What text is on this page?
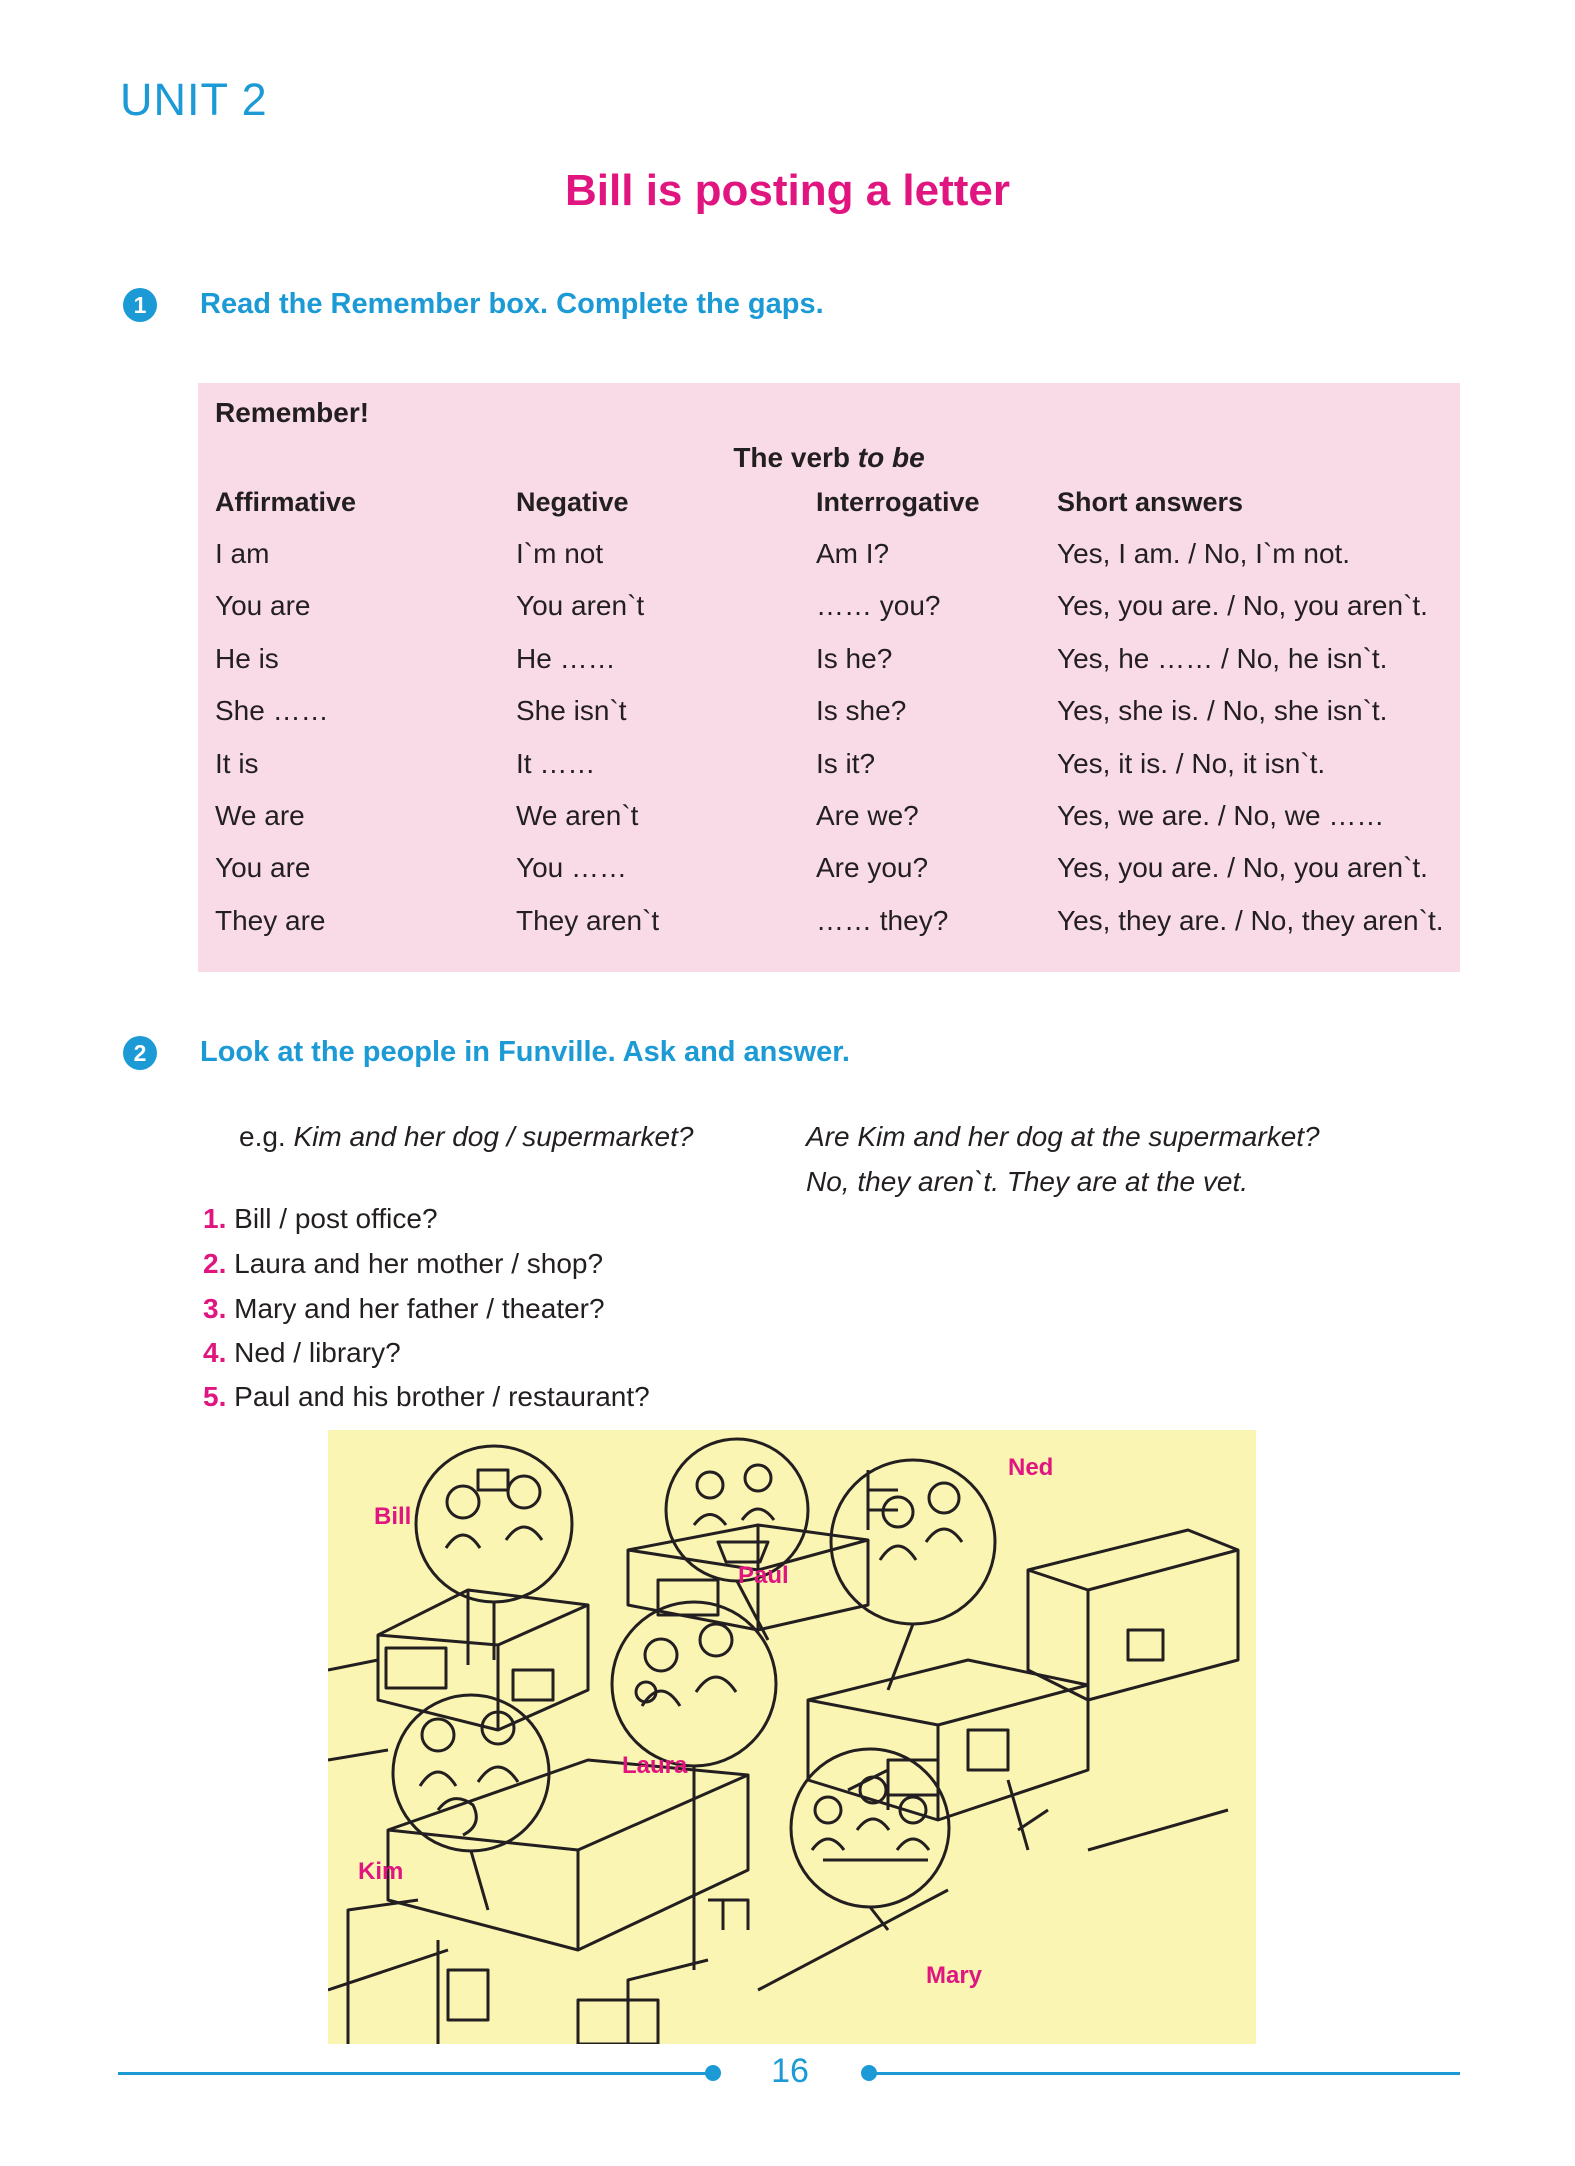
UNIT 2
Bill is posting a letter
1	Read the Remember box. Complete the gaps.
Remember!
The verb to be
Affirmative	Negative	Interrogative	Short answers
I am	I`m not	Am I?	Yes, I am. / No, I`m not.
You are	You aren`t	…… you?	Yes, you are. / No, you aren`t.
He is	He ……	Is he?	Yes, he …… / No, he isn`t.
She ……	She isn`t	Is she?	Yes, she is. / No, she isn`t.
It is	It ……	Is it?	Yes, it is. / No, it isn`t.
We are	We aren`t	Are we?	Yes, we are. / No, we ……
You are	You ……	Are you?	Yes, you are. / No, you aren`t.
They are	They aren`t	…… they?	Yes, they are. / No, they aren`t.
2	Look at the people in Funville. Ask and answer.
e.g. Kim and her dog / supermarket?	Are Kim and her dog at the supermarket?
No, they aren`t. They are at the vet.
1. Bill / post office?
2. Laura and her mother / shop?
3. Mary and her father / theater?
4. Ned / library?
5. Paul and his brother / restaurant?
Bill
Ned
Paul
Laura
Kim
Mary
16
